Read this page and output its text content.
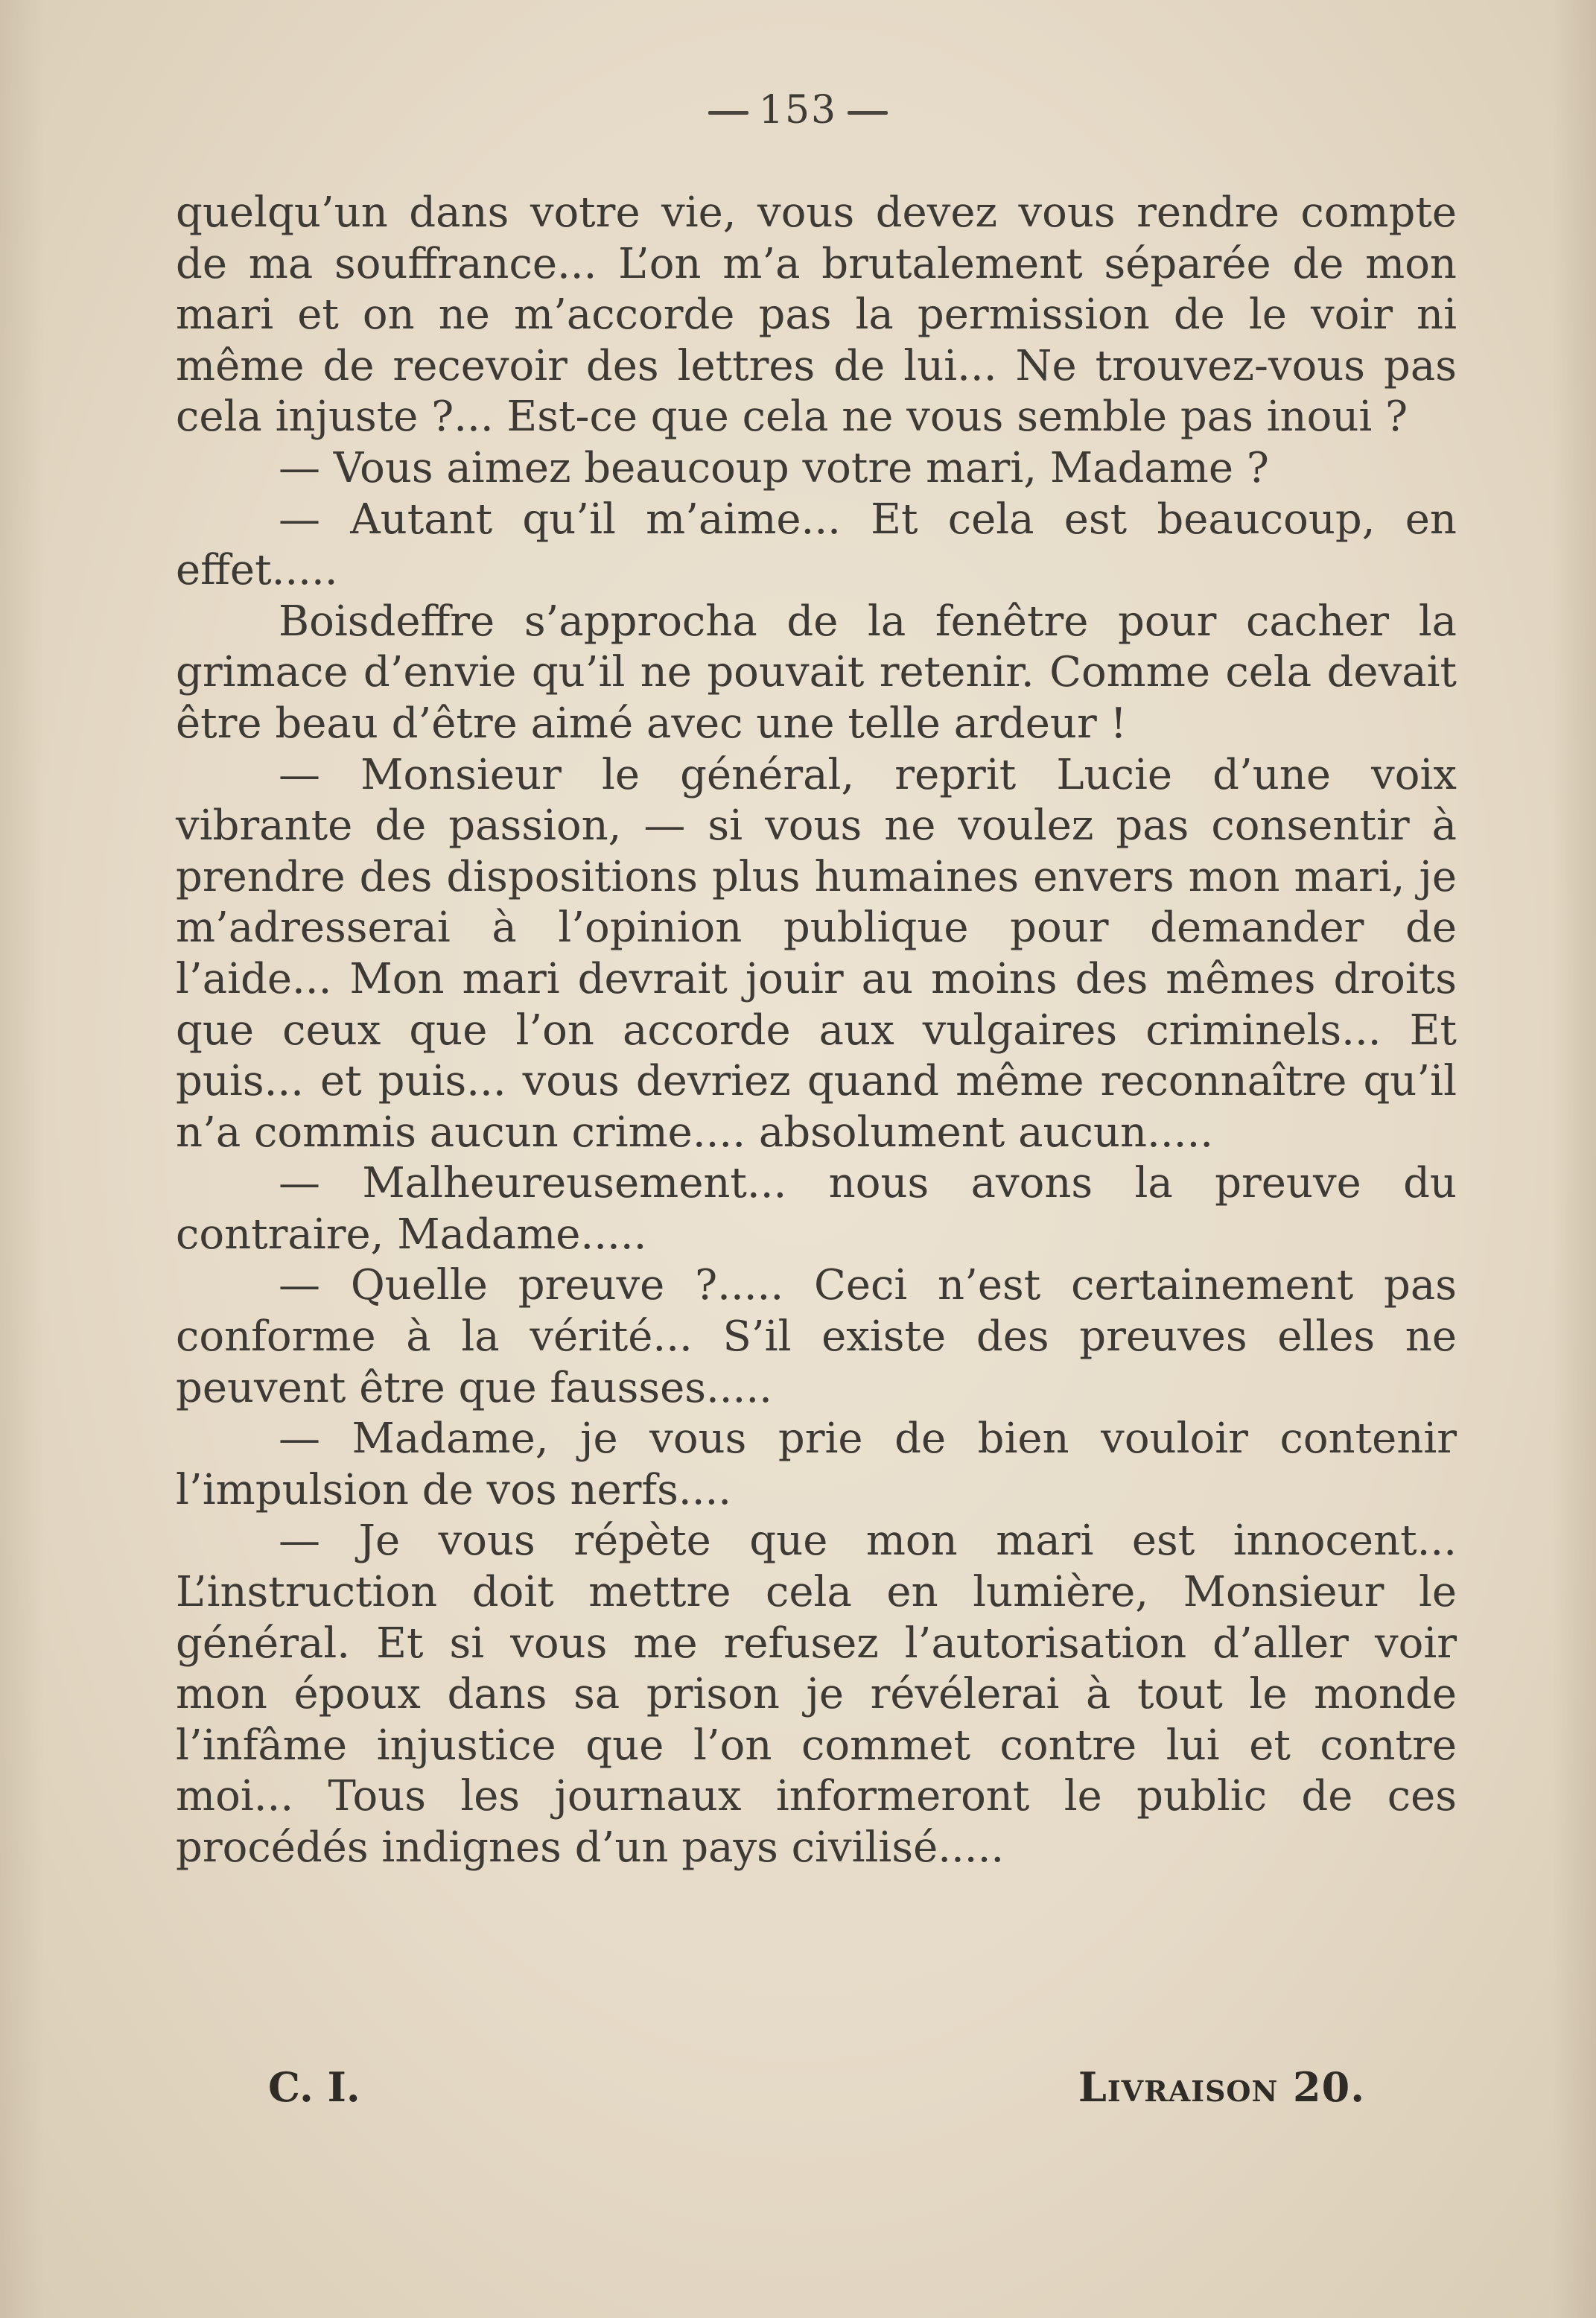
153

quelqu’un dans votre vie, vous devez vous rendre compte de ma souffrance... L’on m’a brutalement séparée de mon mari et on ne m’accorde pas la permission de le voir ni même de recevoir des lettres de lui... Ne trouvez-vous pas cela injuste ?... Est-ce que cela ne vous semble pas inoui ?

— Vous aimez beaucoup votre mari, Madame ?

— Autant qu’il m’aime... Et cela est beaucoup, en effet.....

Boisdeffre s’approcha de la fenêtre pour cacher la grimace d’envie qu’il ne pouvait retenir. Comme cela devait être beau d’être aimé avec une telle ardeur !

— Monsieur le général, reprit Lucie d’une voix vibrante de passion, — si vous ne voulez pas consentir à prendre des dispositions plus humaines envers mon mari, je m’adresserai à l’opinion publique pour demander de l’aide... Mon mari devrait jouir au moins des mêmes droits que ceux que l’on accorde aux vulgaires criminels... Et puis... et puis... vous devriez quand même reconnaître qu’il n’a commis aucun crime.... absolument aucun.....

— Malheureusement... nous avons la preuve du contraire, Madame.....

— Quelle preuve ?..... Ceci n’est certainement pas conforme à la vérité... S’il existe des preuves elles ne peuvent être que fausses.....

— Madame, je vous prie de bien vouloir contenir l’impulsion de vos nerfs....

— Je vous répète que mon mari est innocent... L’instruction doit mettre cela en lumière, Monsieur le général. Et si vous me refusez l’autorisation d’aller voir mon époux dans sa prison je révélerai à tout le monde l’infâme injustice que l’on commet contre lui et contre moi... Tous les journaux informeront le public de ces procédés indignes d’un pays civilisé.....

C. I.	Livraison 20.
